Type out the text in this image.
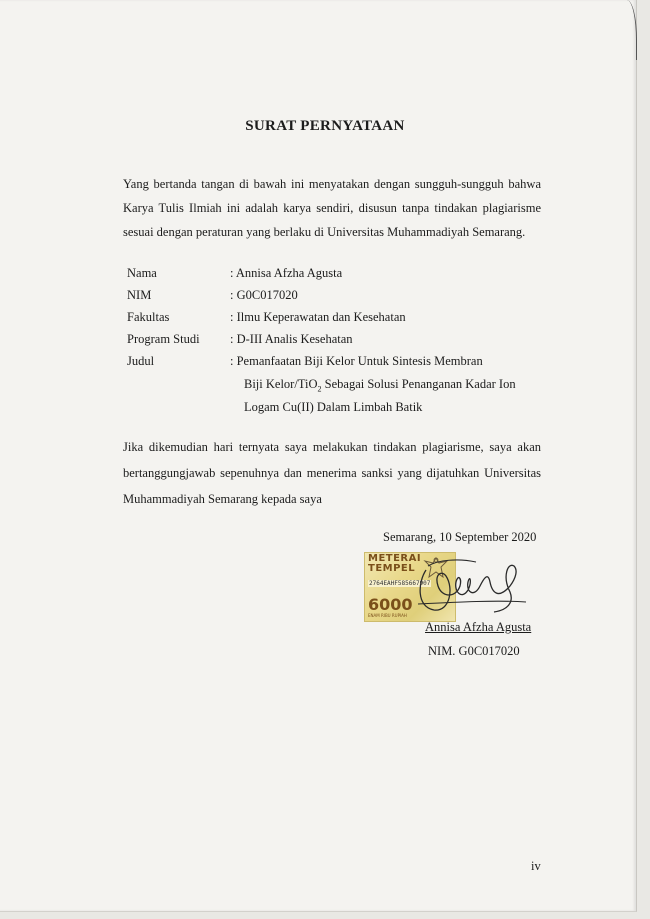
SURAT PERNYATAAN
Yang bertanda tangan di bawah ini menyatakan dengan sungguh-sungguh bahwa Karya Tulis Ilmiah ini adalah karya sendiri, disusun tanpa tindakan plagiarisme sesuai dengan peraturan yang berlaku di Universitas Muhammadiyah Semarang.
Nama	: Annisa Afzha Agusta
NIM	: G0C017020
Fakultas	: Ilmu Keperawatan dan Kesehatan
Program Studi : D-III Analis Kesehatan
Judul	: Pemanfaatan Biji Kelor Untuk Sintesis Membran
Biji Kelor/TiO$_2$ Sebagai Solusi Penanganan Kadar Ion
Logam Cu(II) Dalam Limbah Batik
Jika dikemudian hari ternyata saya melakukan tindakan plagiarisme, saya akan bertanggungjawab sepenuhnya dan menerima sanksi yang dijatuhkan Universitas Muhammadiyah Semarang kepada saya
Semarang, 10 September 2020
METERAI TEMPEL
2764EAHF585667907
6000
ENAM RIBU RUPIAH
Annisa Afzha Agusta
NIM. G0C017020
iv
